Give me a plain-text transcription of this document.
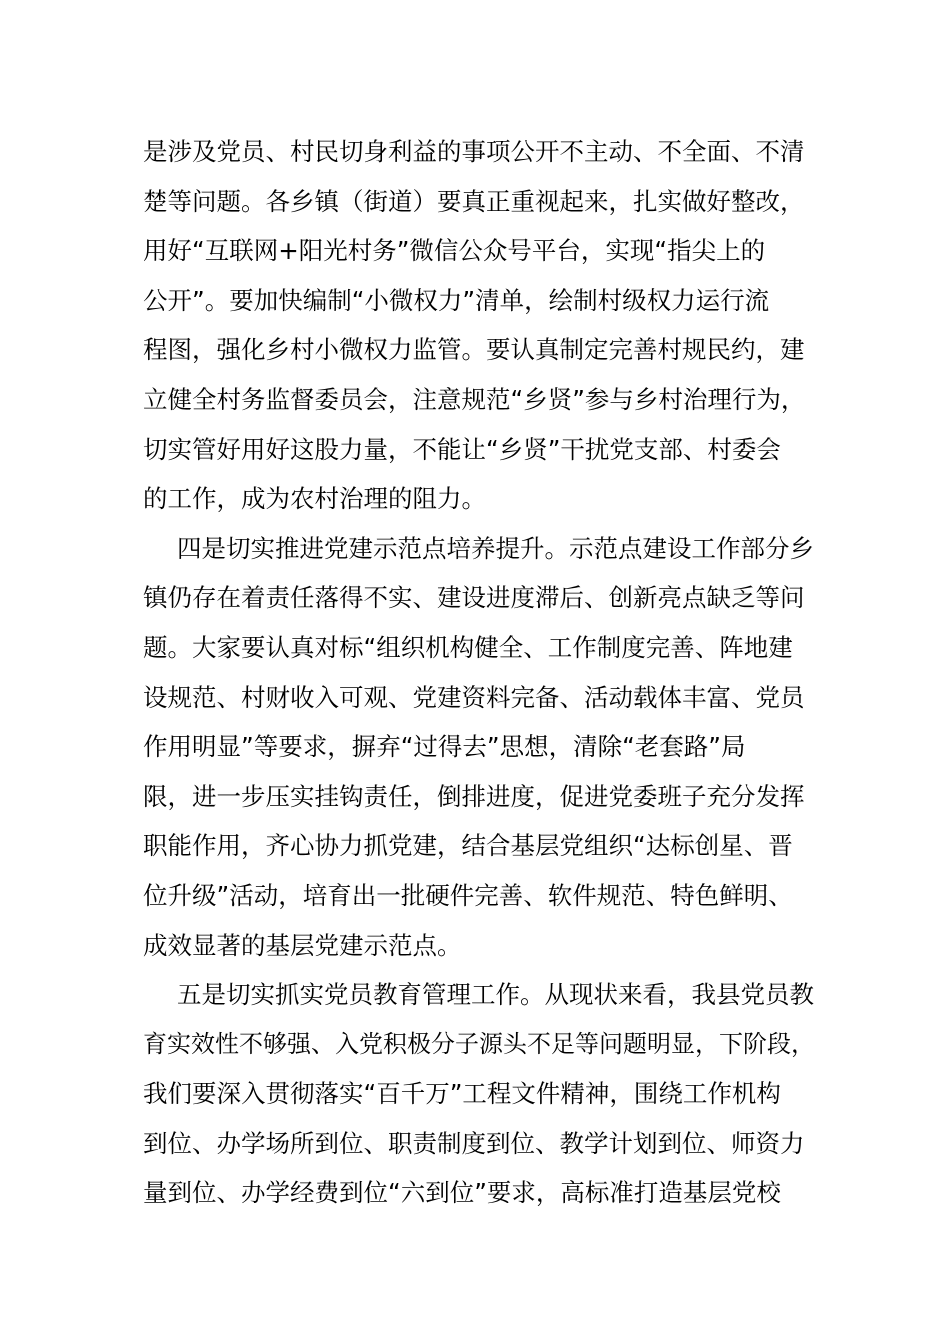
是涉及党员、村民切身利益的事项公开不主动、不全面、不清
楚等问题。各乡镇（街道）要真正重视起来，扎实做好整改，
用好“互联网+阳光村务”微信公众号平台，实现“指尖上的
公开”。要加快编制“小微权力”清单，绘制村级权力运行流
程图，强化乡村小微权力监管。要认真制定完善村规民约，建
立健全村务监督委员会，注意规范“乡贤”参与乡村治理行为，
切实管好用好这股力量，不能让“乡贤”干扰党支部、村委会
的工作，成为农村治理的阻力。
四是切实推进党建示范点培养提升。示范点建设工作部分乡
镇仍存在着责任落得不实、建设进度滞后、创新亮点缺乏等问
题。大家要认真对标“组织机构健全、工作制度完善、阵地建
设规范、村财收入可观、党建资料完备、活动载体丰富、党员
作用明显”等要求，摒弃“过得去”思想，清除“老套路”局
限，进一步压实挂钩责任，倒排进度，促进党委班子充分发挥
职能作用，齐心协力抓党建，结合基层党组织“达标创星、晋
位升级”活动，培育出一批硬件完善、软件规范、特色鲜明、
成效显著的基层党建示范点。
五是切实抓实党员教育管理工作。从现状来看，我县党员教
育实效性不够强、入党积极分子源头不足等问题明显，下阶段，
我们要深入贯彻落实“百千万”工程文件精神，围绕工作机构
到位、办学场所到位、职责制度到位、教学计划到位、师资力
量到位、办学经费到位“六到位”要求，高标准打造基层党校
